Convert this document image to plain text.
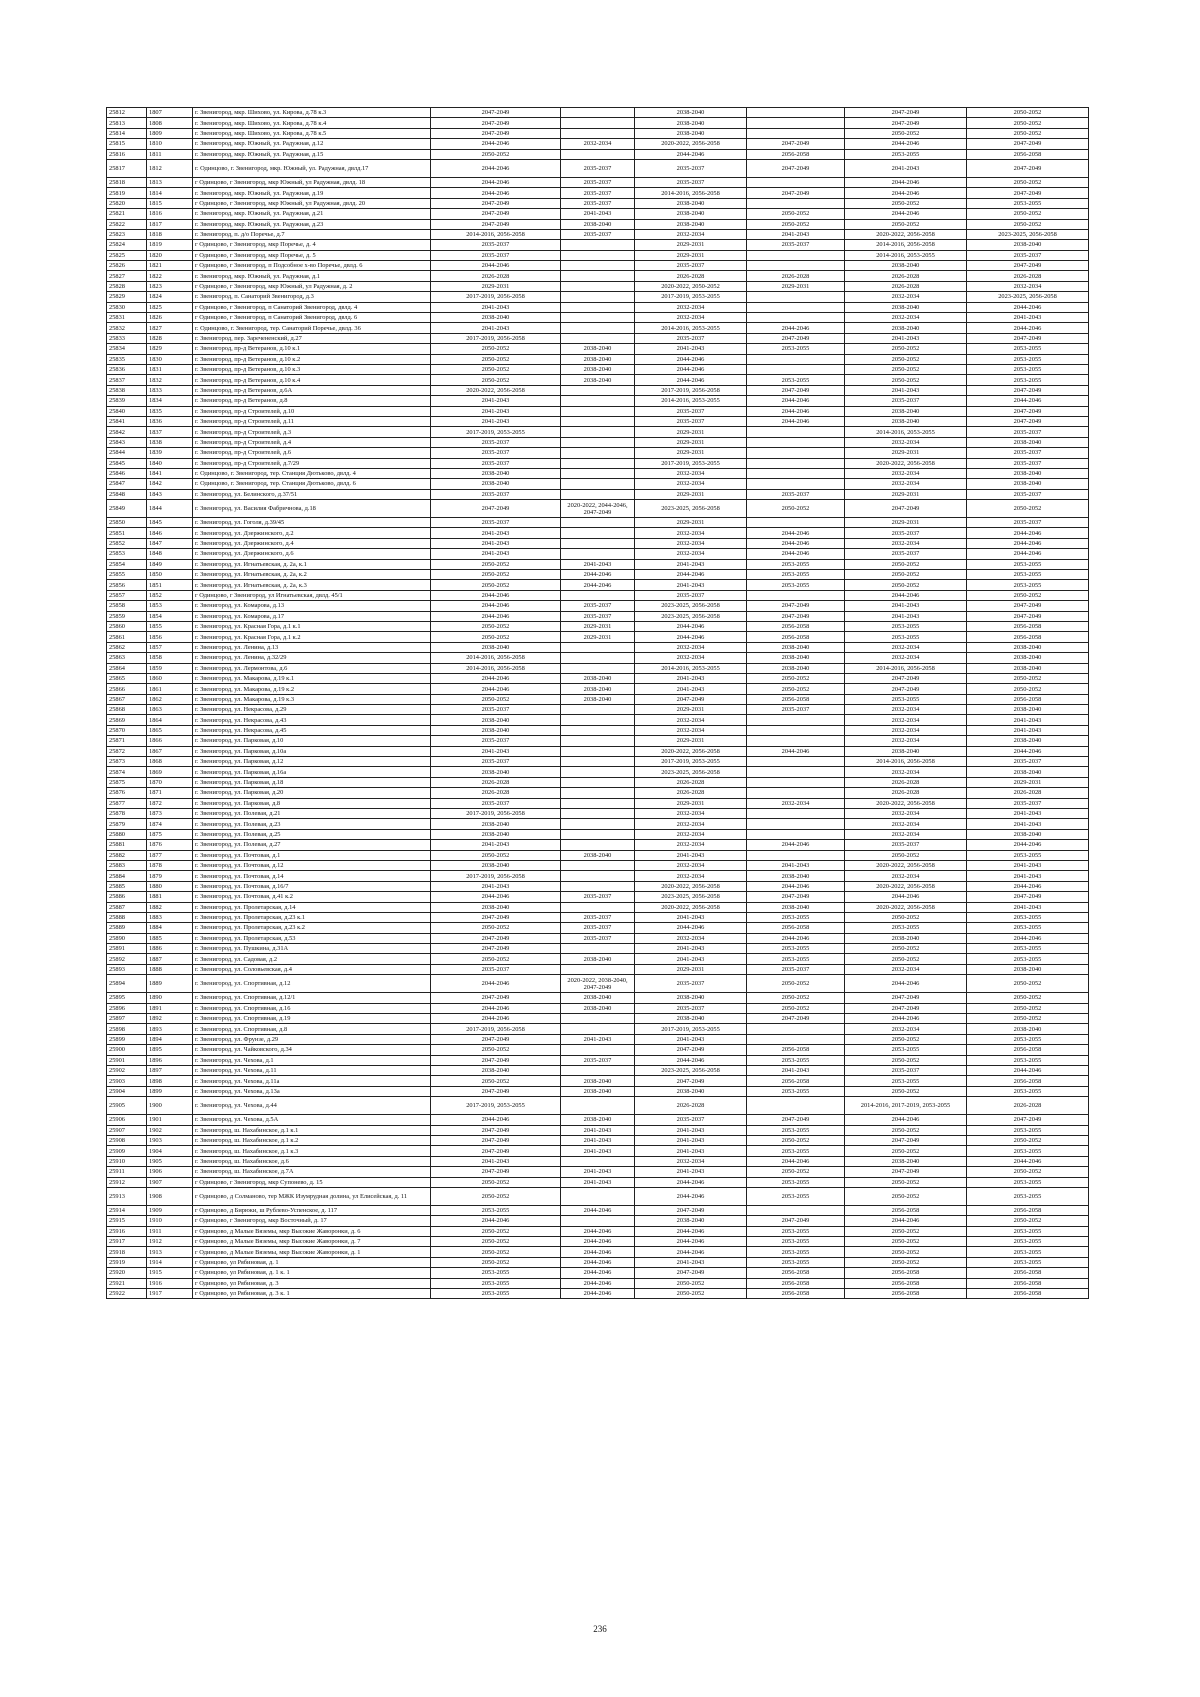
25812	1807	г. Звенигород, мкр. Шихово, ул. Кирова, д.78 к.3	2047-2049		2038-2040		2047-2049	2050-2052
25813	1808	г. Звенигород, мкр. Шихово, ул. Кирова, д.78 к.4	2047-2049		2038-2040		2047-2049	2050-2052
25814	1809	г. Звенигород, мкр. Шихово, ул. Кирова, д.78 к.5	2047-2049		2038-2040		2050-2052	2050-2052
25815	1810	г. Звенигород, мкр. Южный, ул. Радужная, д.12	2044-2046	2032-2034	2020-2022, 2056-2058	2047-2049	2044-2046	2047-2049
25816	1811	г. Звенигород, мкр. Южный, ул. Радужная, д.15	2050-2052		2044-2046	2056-2058	2053-2055	2056-2058
25817	1812	г. Одинцово, г. Звенигород, мкр. Южный, ул. Радужная, двлд.17	2044-2046	2035-2037	2035-2037	2047-2049	2041-2043	2047-2049
25818	1813	г Одинцово, г Звенигород, мкр Южный, ул Радужная, двлд. 18	2044-2046	2035-2037	2035-2037		2044-2046	2050-2052
25819	1814	г. Звенигород, мкр. Южный, ул. Радужная, д.19	2044-2046	2035-2037	2014-2016, 2056-2058	2047-2049	2044-2046	2047-2049
25820	1815	г Одинцово, г Звенигород, мкр Южный, ул Радужная, двлд. 20	2047-2049	2035-2037	2038-2040		2050-2052	2053-2055
25821	1816	г. Звенигород, мкр. Южный, ул. Радужная, д.21	2047-2049	2041-2043	2038-2040	2050-2052	2044-2046	2050-2052
25822	1817	г. Звенигород, мкр. Южный, ул. Радужная, д.23	2047-2049	2038-2040	2038-2040	2050-2052	2050-2052	2050-2052
25823	1818	г. Звенигород, п. д/о Поречье, д.7	2014-2016, 2056-2058	2035-2037	2032-2034	2041-2043	2020-2022, 2056-2058	2023-2025, 2056-2058
25824	1819	г Одинцово, г Звенигород, мкр Поречье, д. 4	2035-2037		2029-2031	2035-2037	2014-2016, 2056-2058	2038-2040
25825	1820	г Одинцово, г Звенигород, мкр Поречье, д. 5	2035-2037		2029-2031		2014-2016, 2053-2055	2035-2037
25826	1821	г Одинцово, г Звенигород, п Подсобное х-во Поречье, двлд. 6	2044-2046		2035-2037		2038-2040	2047-2049
25827	1822	г. Звенигород, мкр. Южный, ул. Радужная, д.1	2026-2028		2026-2028	2026-2028	2026-2028	2026-2028
25828	1823	г Одинцово, г Звенигород, мкр Южный, ул Радужная, д. 2	2029-2031		2020-2022, 2050-2052	2029-2031	2026-2028	2032-2034
25829	1824	г. Звенигород, п. Санаторий Звенигород, д.3	2017-2019, 2056-2058		2017-2019, 2053-2055		2032-2034	2023-2025, 2056-2058
25830	1825	г Одинцово, г Звенигород, п Санаторий Звенигород, двлд. 4	2041-2043		2032-2034		2038-2040	2044-2046
25831	1826	г Одинцово, г Звенигород, п Санаторий Звенигород, двлд. 6	2038-2040		2032-2034		2032-2034	2041-2043
25832	1827	г. Одинцово, г. Звенигород, тер. Санаторий Поречье, двлд. 36	2041-2043		2014-2016, 2053-2055	2044-2046	2038-2040	2044-2046
25833	1828	г. Звенигород, пер. Заречененский, д.27	2017-2019, 2056-2058		2035-2037	2047-2049	2041-2043	2047-2049
25834	1829	г. Звенигород, пр-д Ветеранов, д.10 к.1	2050-2052	2038-2040	2041-2043	2053-2055	2050-2052	2053-2055
25835	1830	г. Звенигород, пр-д Ветеранов, д.10 к.2	2050-2052	2038-2040	2044-2046		2050-2052	2053-2055
25836	1831	г. Звенигород, пр-д Ветеранов, д.10 к.3	2050-2052	2038-2040	2044-2046		2050-2052	2053-2055
25837	1832	г. Звенигород, пр-д Ветеранов, д.10 к.4	2050-2052	2038-2040	2044-2046	2053-2055	2050-2052	2053-2055
25838	1833	г. Звенигород, пр-д Ветеранов, д.6А	2020-2022, 2056-2058		2017-2019, 2056-2058	2047-2049	2041-2043	2047-2049
25839	1834	г. Звенигород, пр-д Ветеранов, д.8	2041-2043		2014-2016, 2053-2055	2044-2046	2035-2037	2044-2046
25840	1835	г. Звенигород, пр-д Строителей, д.10	2041-2043		2035-2037	2044-2046	2038-2040	2047-2049
25841	1836	г. Звенигород, пр-д Строителей, д.11	2041-2043		2035-2037	2044-2046	2038-2040	2047-2049
25842	1837	г. Звенигород, пр-д Строителей, д.3	2017-2019, 2053-2055		2029-2031		2014-2016, 2053-2055	2035-2037
25843	1838	г. Звенигород, пр-д Строителей, д.4	2035-2037		2029-2031		2032-2034	2038-2040
25844	1839	г. Звенигород, пр-д Строителей, д.6	2035-2037		2029-2031		2029-2031	2035-2037
25845	1840	г. Звенигород, пр-д Строителей, д.7/29	2035-2037		2017-2019, 2053-2055		2020-2022, 2056-2058	2035-2037
25846	1841	г. Одинцово, г. Звенигород, тер. Станция Дютьково, двлд. 4	2038-2040		2032-2034		2032-2034	2038-2040
25847	1842	г. Одинцово, г. Звенигород, тер. Станция Дютьково, двлд. 6	2038-2040		2032-2034		2032-2034	2038-2040
25848	1843	г. Звенигород, ул. Белинского, д.37/51	2035-2037		2029-2031	2035-2037	2029-2031	2035-2037
25849	1844	г. Звенигород, ул. Василия Фабричнова, д.18	2047-2049	2020-2022, 2044-2046, 2047-2049	2023-2025, 2056-2058	2050-2052	2047-2049	2050-2052
25850	1845	г. Звенигород, ул. Гоголя, д.39/45	2035-2037		2029-2031		2029-2031	2035-2037
25851	1846	г. Звенигород, ул. Дзержинского, д.2	2041-2043		2032-2034	2044-2046	2035-2037	2044-2046
25852	1847	г. Звенигород, ул. Дзержинского, д.4	2041-2043		2032-2034	2044-2046	2032-2034	2044-2046
25853	1848	г. Звенигород, ул. Дзержинского, д.6	2041-2043		2032-2034	2044-2046	2035-2037	2044-2046
25854	1849	г. Звенигород, ул. Игнатьевская, д. 2а, к.1	2050-2052	2041-2043	2041-2043	2053-2055	2050-2052	2053-2055
25855	1850	г. Звенигород, ул. Игнатьевская, д. 2а, к.2	2050-2052	2044-2046	2044-2046	2053-2055	2050-2052	2053-2055
25856	1851	г. Звенигород, ул. Игнатьевская, д. 2а, к.3	2050-2052	2044-2046	2041-2043	2053-2055	2050-2052	2053-2055
25857	1852	г Одинцово, г Звенигород, ул Игнатьевская, двлд. 45/1	2044-2046		2035-2037		2044-2046	2050-2052
25858	1853	г. Звенигород, ул. Комарова, д.13	2044-2046	2035-2037	2023-2025, 2056-2058	2047-2049	2041-2043	2047-2049
25859	1854	г. Звенигород, ул. Комарова, д.17	2044-2046	2035-2037	2023-2025, 2056-2058	2047-2049	2041-2043	2047-2049
25860	1855	г. Звенигород, ул. Красная Гора, д.1 к.1	2050-2052	2029-2031	2044-2046	2056-2058	2053-2055	2056-2058
25861	1856	г. Звенигород, ул. Красная Гора, д.1 к.2	2050-2052	2029-2031	2044-2046	2056-2058	2053-2055	2056-2058
25862	1857	г. Звенигород, ул. Ленина, д.13	2038-2040		2032-2034	2038-2040	2032-2034	2038-2040
25863	1858	г. Звенигород, ул. Ленина, д.32/29	2014-2016, 2056-2058		2032-2034	2038-2040	2032-2034	2038-2040
25864	1859	г. Звенигород, ул. Лермонтова, д.6	2014-2016, 2056-2058		2014-2016, 2053-2055	2038-2040	2014-2016, 2056-2058	2038-2040
25865	1860	г. Звенигород, ул. Макарова, д.19 к.1	2044-2046	2038-2040	2041-2043	2050-2052	2047-2049	2050-2052
25866	1861	г. Звенигород, ул. Макарова, д.19 к.2	2044-2046	2038-2040	2041-2043	2050-2052	2047-2049	2050-2052
25867	1862	г. Звенигород, ул. Макарова, д.19 к.3	2050-2052	2038-2040	2047-2049	2056-2058	2053-2055	2056-2058
25868	1863	г. Звенигород, ул. Некрасова, д.29	2035-2037		2029-2031	2035-2037	2032-2034	2038-2040
25869	1864	г. Звенигород, ул. Некрасова, д.43	2038-2040		2032-2034		2032-2034	2041-2043
25870	1865	г. Звенигород, ул. Некрасова, д.45	2038-2040		2032-2034		2032-2034	2041-2043
25871	1866	г. Звенигород, ул. Парковая, д.10	2035-2037		2029-2031		2032-2034	2038-2040
25872	1867	г. Звенигород, ул. Парковая, д.10а	2041-2043		2020-2022, 2056-2058	2044-2046	2038-2040	2044-2046
25873	1868	г. Звенигород, ул. Парковая, д.12	2035-2037		2017-2019, 2053-2055		2014-2016, 2056-2058	2035-2037
25874	1869	г. Звенигород, ул. Парковая, д.16а	2038-2040		2023-2025, 2056-2058		2032-2034	2038-2040
25875	1870	г. Звенигород, ул. Парковая, д.18	2026-2028		2026-2028		2026-2028	2029-2031
25876	1871	г. Звенигород, ул. Парковая, д.20	2026-2028		2026-2028		2026-2028	2026-2028
25877	1872	г. Звенигород, ул. Парковая, д.8	2035-2037		2029-2031	2032-2034	2020-2022, 2056-2058	2035-2037
25878	1873	г. Звенигород, ул. Полевая, д.21	2017-2019, 2056-2058		2032-2034		2032-2034	2041-2043
25879	1874	г. Звенигород, ул. Полевая, д.23	2038-2040		2032-2034		2032-2034	2041-2043
25880	1875	г. Звенигород, ул. Полевая, д.25	2038-2040		2032-2034		2032-2034	2038-2040
25881	1876	г. Звенигород, ул. Полевая, д.27	2041-2043		2032-2034	2044-2046	2035-2037	2044-2046
25882	1877	г. Звенигород, ул. Почтовая, д.1	2050-2052	2038-2040	2041-2043		2050-2052	2053-2055
25883	1878	г. Звенигород, ул. Почтовая, д.12	2038-2040		2032-2034	2041-2043	2020-2022, 2056-2058	2041-2043
25884	1879	г. Звенигород, ул. Почтовая, д.14	2017-2019, 2056-2058		2032-2034	2038-2040	2032-2034	2041-2043
25885	1880	г. Звенигород, ул. Почтовая, д.16/7	2041-2043		2020-2022, 2056-2058	2044-2046	2020-2022, 2056-2058	2044-2046
25886	1881	г. Звенигород, ул. Почтовая, д.41 к.2	2044-2046	2035-2037	2023-2025, 2056-2058	2047-2049	2044-2046	2047-2049
25887	1882	г. Звенигород, ул. Пролетарская, д.14	2038-2040		2020-2022, 2056-2058	2038-2040	2020-2022, 2056-2058	2041-2043
25888	1883	г. Звенигород, ул. Пролетарская, д.23 к.1	2047-2049	2035-2037	2041-2043	2053-2055	2050-2052	2053-2055
25889	1884	г. Звенигород, ул. Пролетарская, д.23 к.2	2050-2052	2035-2037	2044-2046	2056-2058	2053-2055	2053-2055
25890	1885	г. Звенигород, ул. Пролетарская, д.53	2047-2049	2035-2037	2032-2034	2044-2046	2038-2040	2044-2046
25891	1886	г. Звенигород, ул. Пушкина, д.31А	2047-2049		2041-2043	2053-2055	2050-2052	2053-2055
25892	1887	г. Звенигород, ул. Садовая, д.2	2050-2052	2038-2040	2041-2043	2053-2055	2050-2052	2053-2055
25893	1888	г. Звенигород, ул. Соловьевская, д.4	2035-2037		2029-2031	2035-2037	2032-2034	2038-2040
25894	1889	г. Звенигород, ул. Спортивная, д.12	2044-2046	2020-2022, 2038-2040, 2047-2049	2035-2037	2050-2052	2044-2046	2050-2052
25895	1890	г. Звенигород, ул. Спортивная, д.12/1	2047-2049	2038-2040	2038-2040	2050-2052	2047-2049	2050-2052
25896	1891	г. Звенигород, ул. Спортивная, д.16	2044-2046	2038-2040	2035-2037	2050-2052	2047-2049	2050-2052
25897	1892	г. Звенигород, ул. Спортивная, д.19	2044-2046		2038-2040	2047-2049	2044-2046	2050-2052
25898	1893	г. Звенигород, ул. Спортивная, д.8	2017-2019, 2056-2058		2017-2019, 2053-2055		2032-2034	2038-2040
25899	1894	г. Звенигород, ул. Фрунзе, д.29	2047-2049	2041-2043	2041-2043		2050-2052	2053-2055
25900	1895	г. Звенигород, ул. Чайковского, д.34	2050-2052		2047-2049	2056-2058	2053-2055	2056-2058
25901	1896	г. Звенигород, ул. Чехова, д.1	2047-2049	2035-2037	2044-2046	2053-2055	2050-2052	2053-2055
25902	1897	г. Звенигород, ул. Чехова, д.11	2038-2040		2023-2025, 2056-2058	2041-2043	2035-2037	2044-2046
25903	1898	г. Звенигород, ул. Чехова, д.11а	2050-2052	2038-2040	2047-2049	2056-2058	2053-2055	2056-2058
25904	1899	г. Звенигород, ул. Чехова, д.13а	2047-2049	2038-2040	2038-2040	2053-2055	2050-2052	2053-2055
25905	1900	г. Звенигород, ул. Чехова, д.44	2017-2019, 2053-2055		2026-2028		2014-2016, 2017-2019, 2053-2055	2026-2028
25906	1901	г. Звенигород, ул. Чехова, д.5А	2044-2046	2038-2040	2035-2037	2047-2049	2044-2046	2047-2049
25907	1902	г. Звенигород, ш. Нахабинское, д.1 к.1	2047-2049	2041-2043	2041-2043	2053-2055	2050-2052	2053-2055
25908	1903	г. Звенигород, ш. Нахабинское, д.1 к.2	2047-2049	2041-2043	2041-2043	2050-2052	2047-2049	2050-2052
25909	1904	г. Звенигород, ш. Нахабинское, д.1 к.3	2047-2049	2041-2043	2041-2043	2053-2055	2050-2052	2053-2055
25910	1905	г. Звенигород, ш. Нахабинское, д.6	2041-2043		2032-2034	2044-2046	2038-2040	2044-2046
25911	1906	г. Звенигород, ш. Нахабинское, д.7А	2047-2049	2041-2043	2041-2043	2050-2052	2047-2049	2050-2052
25912	1907	г Одинцово, г Звенигород, мкр Супонево, д. 15	2050-2052	2041-2043	2044-2046	2053-2055	2050-2052	2053-2055
25913	1908	г Одинцово, д Солманово, тер МЖК Изумрудная долина, ул Елисейская, д. 11	2050-2052		2044-2046	2053-2055	2050-2052	2053-2055
25914	1909	г Одинцово, д Бирюки, ш Рублево-Успенское, д. 117	2053-2055	2044-2046	2047-2049		2056-2058	2056-2058
25915	1910	г Одинцово, г Звенигород, мкр Восточный, д. 17	2044-2046		2038-2040	2047-2049	2044-2046	2050-2052
25916	1911	г Одинцово, д Малые Вяземы, мкр Высокие Жаворонки, д. 6	2050-2052	2044-2046	2044-2046	2053-2055	2050-2052	2053-2055
25917	1912	г Одинцово, д Малые Вяземы, мкр Высокие Жаворонки, д. 7	2050-2052	2044-2046	2044-2046	2053-2055	2050-2052	2053-2055
25918	1913	г Одинцово, д Малые Вяземы, мкр Высокие Жаворонки, д. 1	2050-2052	2044-2046	2044-2046	2053-2055	2050-2052	2053-2055
25919	1914	г Одинцово, ул Рябиновая, д. 1	2050-2052	2044-2046	2041-2043	2053-2055	2050-2052	2053-2055
25920	1915	г Одинцово, ул Рябиновая, д. 1 к. 1	2053-2055	2044-2046	2047-2049	2056-2058	2056-2058	2056-2058
25921	1916	г Одинцово, ул Рябиновая, д. 3	2053-2055	2044-2046	2050-2052	2056-2058	2056-2058	2056-2058
25922	1917	г Одинцово, ул Рябиновая, д. 3 к. 1	2053-2055	2044-2046	2050-2052	2056-2058	2056-2058	2056-2058
236
